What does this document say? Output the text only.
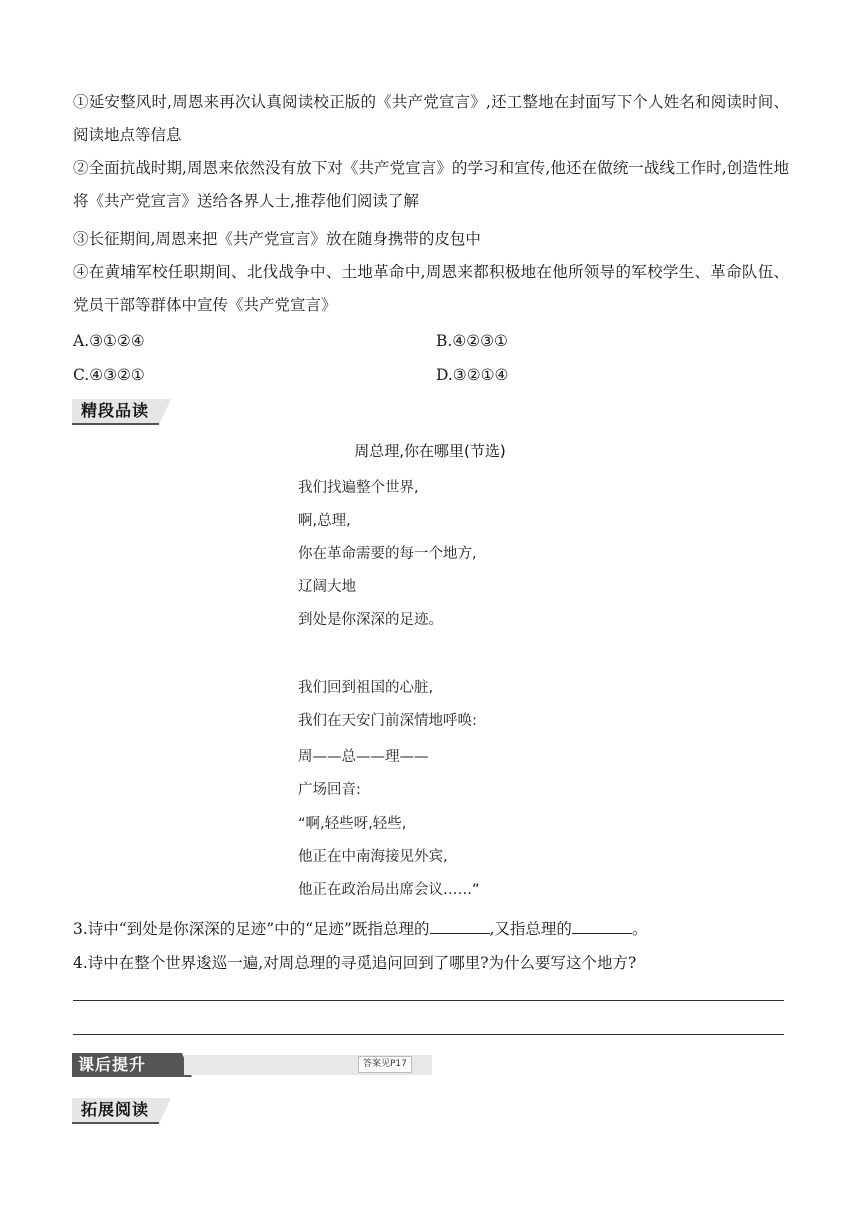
①延安整风时,周恩来再次认真阅读校正版的《共产党宣言》,还工整地在封面写下个人姓名和阅读时间、阅读地点等信息
②全面抗战时期,周恩来依然没有放下对《共产党宣言》的学习和宣传,他还在做统一战线工作时,创造性地将《共产党宣言》送给各界人士,推荐他们阅读了解
③长征期间,周恩来把《共产党宣言》放在随身携带的皮包中
④在黄埔军校任职期间、北伐战争中、土地革命中,周恩来都积极地在他所领导的军校学生、革命队伍、党员干部等群体中宣传《共产党宣言》
A.③①②④	B.④②③①
C.④③②①	D.③②①④
精段品读
周总理,你在哪里(节选)
我们找遍整个世界,
啊,总理,
你在革命需要的每一个地方,
辽阔大地
到处是你深深的足迹。
我们回到祖国的心脏,
我们在天安门前深情地呼唤:
周——总——理——
广场回音:
“啊,轻些呀,轻些,
他正在中南海接见外宾,
他正在政治局出席会议……”
3.诗中“到处是你深深的足迹”中的“足迹”既指总理的	,又指总理的	。
4.诗中在整个世界逡巡一遍,对周总理的寻觅追问回到了哪里?为什么要写这个地方?
课后提升	答案见P17
拓展阅读
